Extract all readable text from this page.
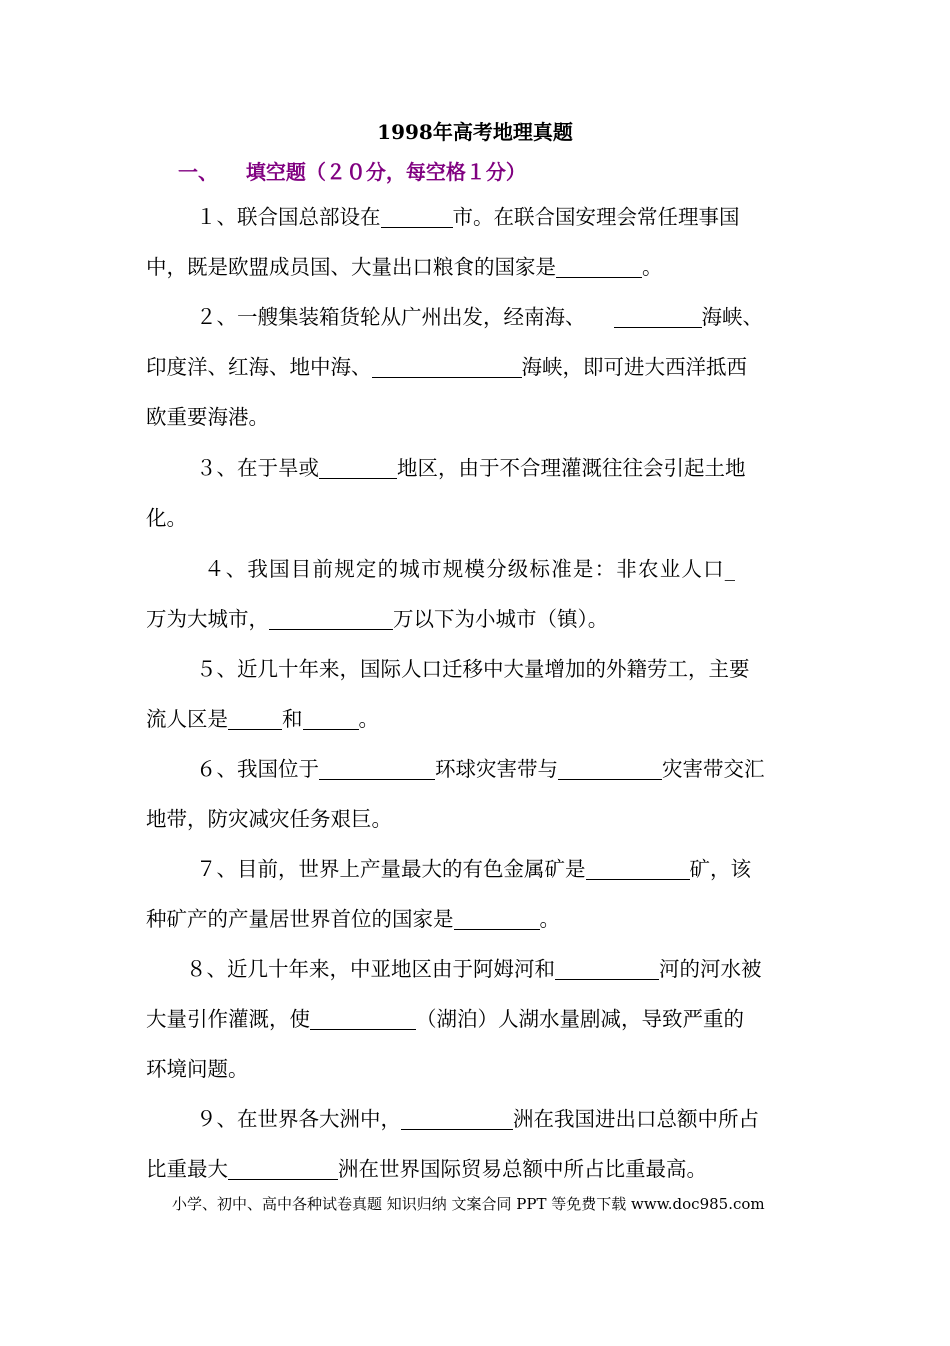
1998年高考地理真题
一、 填空题（２０分，每空格１分）
１、联合国总部设在	市。在联合国安理会常任理事国
中，既是欧盟成员国、大量出口粮食的国家是	。
２、一艘集装箱货轮从广州出发，经南海、	海峡、
印度洋、红海、地中海、	海峡，即可进大西洋抵西
欧重要海港。
３、在于旱或	地区，由于不合理灌溉往往会引起土地
化。
４、我国目前规定的城市规模分级标准是：非农业人口_
万为大城市，	万以下为小城市（镇）。
５、近几十年来，国际人口迁移中大量增加的外籍劳工，主要
流人区是	和	。
６、我国位于	环球灾害带与	灾害带交汇
地带，防灾减灾任务艰巨。
７、目前，世界上产量最大的有色金属矿是	矿，该
种矿产的产量居世界首位的国家是	。
８、近几十年来，中亚地区由于阿姆河和	河的河水被
大量引作灌溉，使	（湖泊）人湖水量剧减，导致严重的
环境问题。
９、在世界各大洲中，	洲在我国进出口总额中所占
比重最大	洲在世界国际贸易总额中所占比重最高。
小学、初中、高中各种试卷真题 知识归纳 文案合同 PPT 等免费下载 www.doc985.com
